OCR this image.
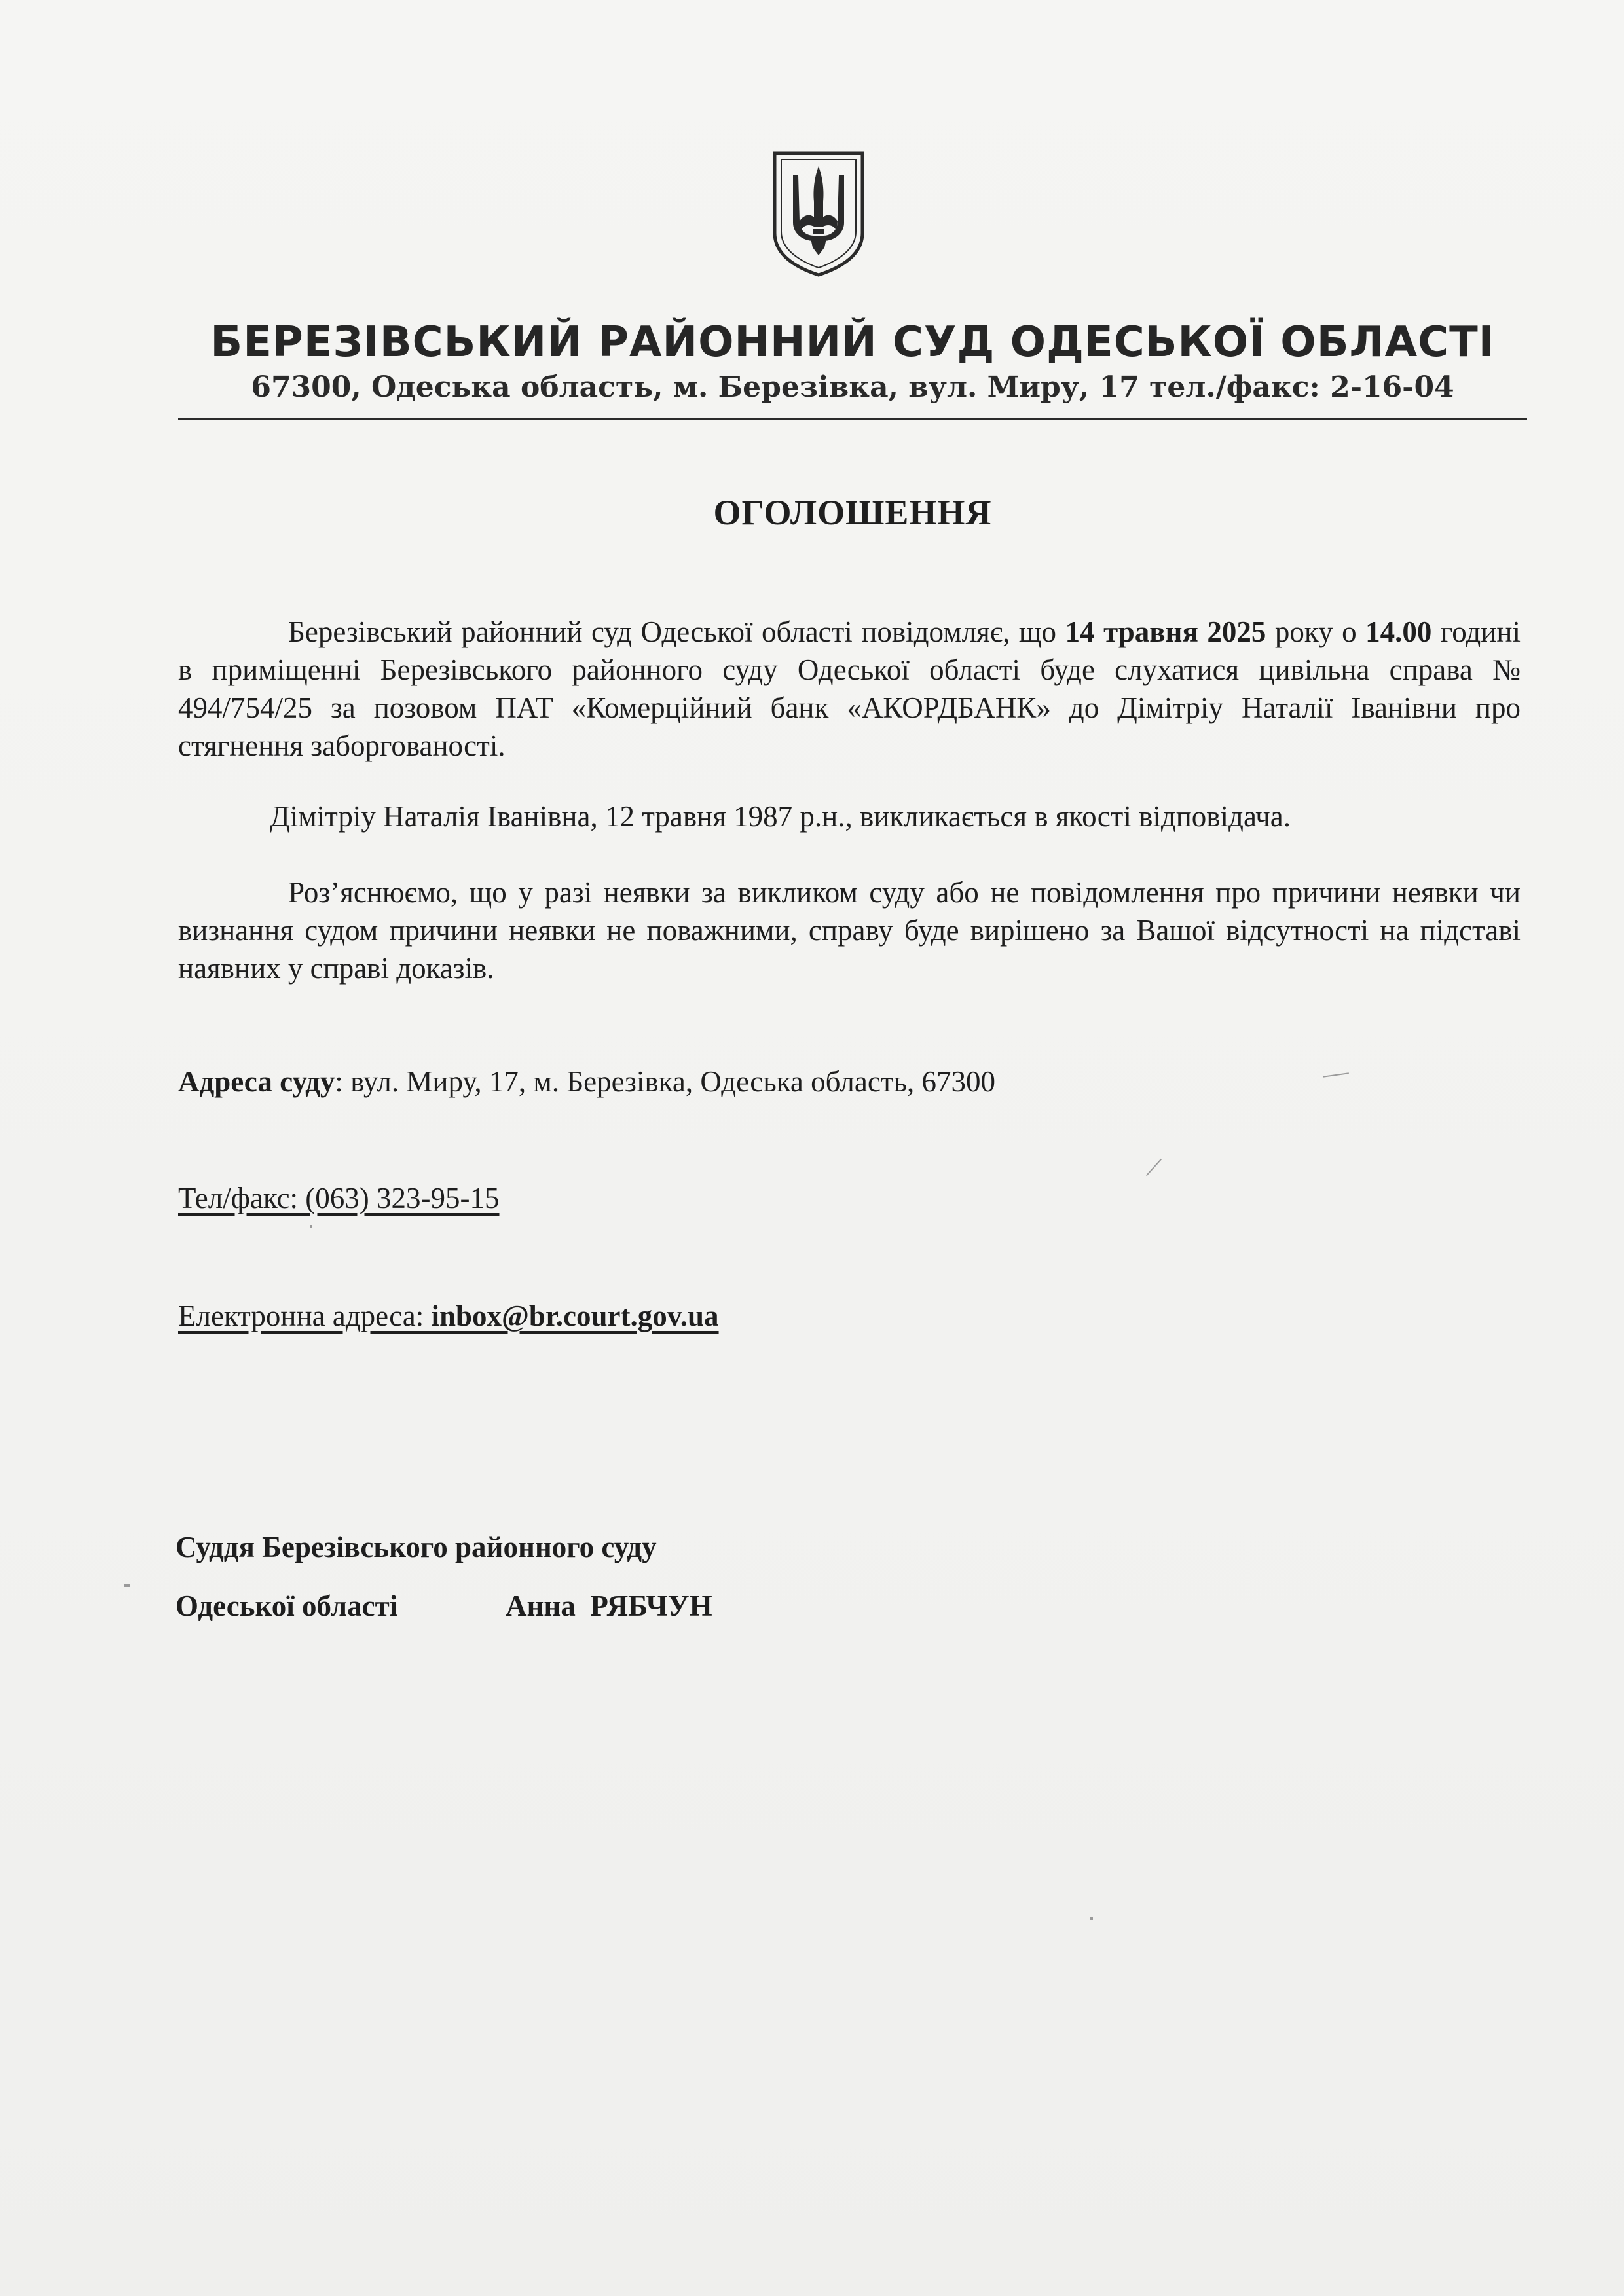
БЕРЕЗІВСЬКИЙ РАЙОННИЙ СУД ОДЕСЬКОЇ ОБЛАСТІ
67300, Одеська область, м. Березівка, вул. Миру, 17 тел./факс: 2-16-04
ОГОЛОШЕННЯ
Березівський районний суд Одеської області повідомляє, що 14 травня 2025 року о 14.00 годині в приміщенні Березівського районного суду Одеської області буде слухатися цивільна справа № 494/754/25 за позовом ПАТ «Комерційний банк «АКОРДБАНК» до Дімітріу Наталії Іванівни про стягнення заборгованості.
Дімітріу Наталія Іванівна, 12 травня 1987 р.н., викликається в якості відповідача.
Роз’яснюємо, що у разі неявки за викликом суду або не повідомлення про причини неявки чи визнання судом причини неявки не поважними, справу буде вирішено за Вашої відсутності на підставі наявних у справі доказів.
Адреса суду: вул. Миру, 17, м. Березівка, Одеська область, 67300
Тел/факс: (063) 323-95-15
Електронна адреса: inbox@br.court.gov.ua
Суддя Березівського районного суду
Одеської області	Анна  РЯБЧУН
